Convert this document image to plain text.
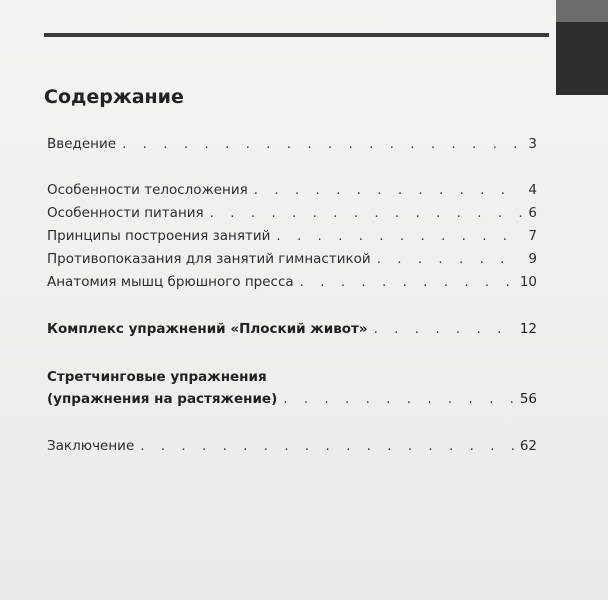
Содержание
Введение . . .	3
Особенности телосложения . . .	4
Особенности питания . . .	6
Принципы построения занятий . . .	7
Противопоказания для занятий гимнастикой . . .	9
Анатомия мышц брюшного пресса . . .	10
Комплекс упражнений «Плоский живот» . . .	12
Стретчинговые упражнения
(упражнения на растяжение) . . .	56
Заключение . . .	62
